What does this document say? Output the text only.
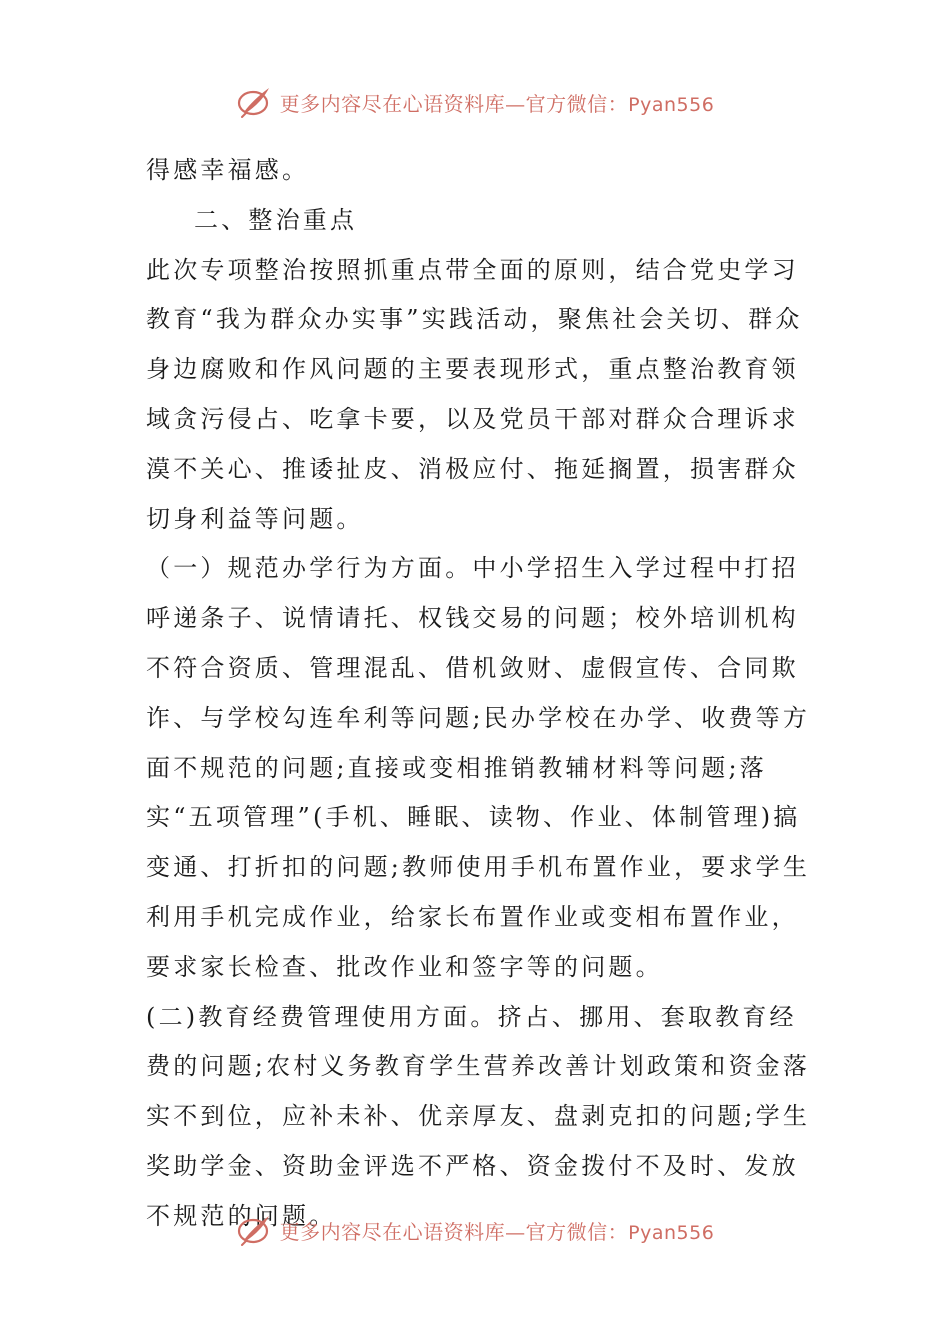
更多内容尽在心语资料库—官方微信：Pyan556

得感幸福感。

二、整治重点

此次专项整治按照抓重点带全面的原则，结合党史学习教育“我为群众办实事”实践活动，聚焦社会关切、群众身边腐败和作风问题的主要表现形式，重点整治教育领域贪污侵占、吃拿卡要，以及党员干部对群众合理诉求漠不关心、推诿扯皮、消极应付、拖延搁置，损害群众切身利益等问题。

（一）规范办学行为方面。中小学招生入学过程中打招呼递条子、说情请托、权钱交易的问题；校外培训机构不符合资质、管理混乱、借机敛财、虚假宣传、合同欺诈、与学校勾连牟利等问题;民办学校在办学、收费等方面不规范的问题;直接或变相推销教辅材料等问题;落实“五项管理”(手机、睡眠、读物、作业、体制管理)搞变通、打折扣的问题;教师使用手机布置作业，要求学生利用手机完成作业，给家长布置作业或变相布置作业，要求家长检查、批改作业和签字等的问题。

(二)教育经费管理使用方面。挤占、挪用、套取教育经费的问题;农村义务教育学生营养改善计划政策和资金落实不到位，应补未补、优亲厚友、盘剥克扣的问题;学生奖助学金、资助金评选不严格、资金拨付不及时、发放不规范的问题。

更多内容尽在心语资料库—官方微信：Pyan556
